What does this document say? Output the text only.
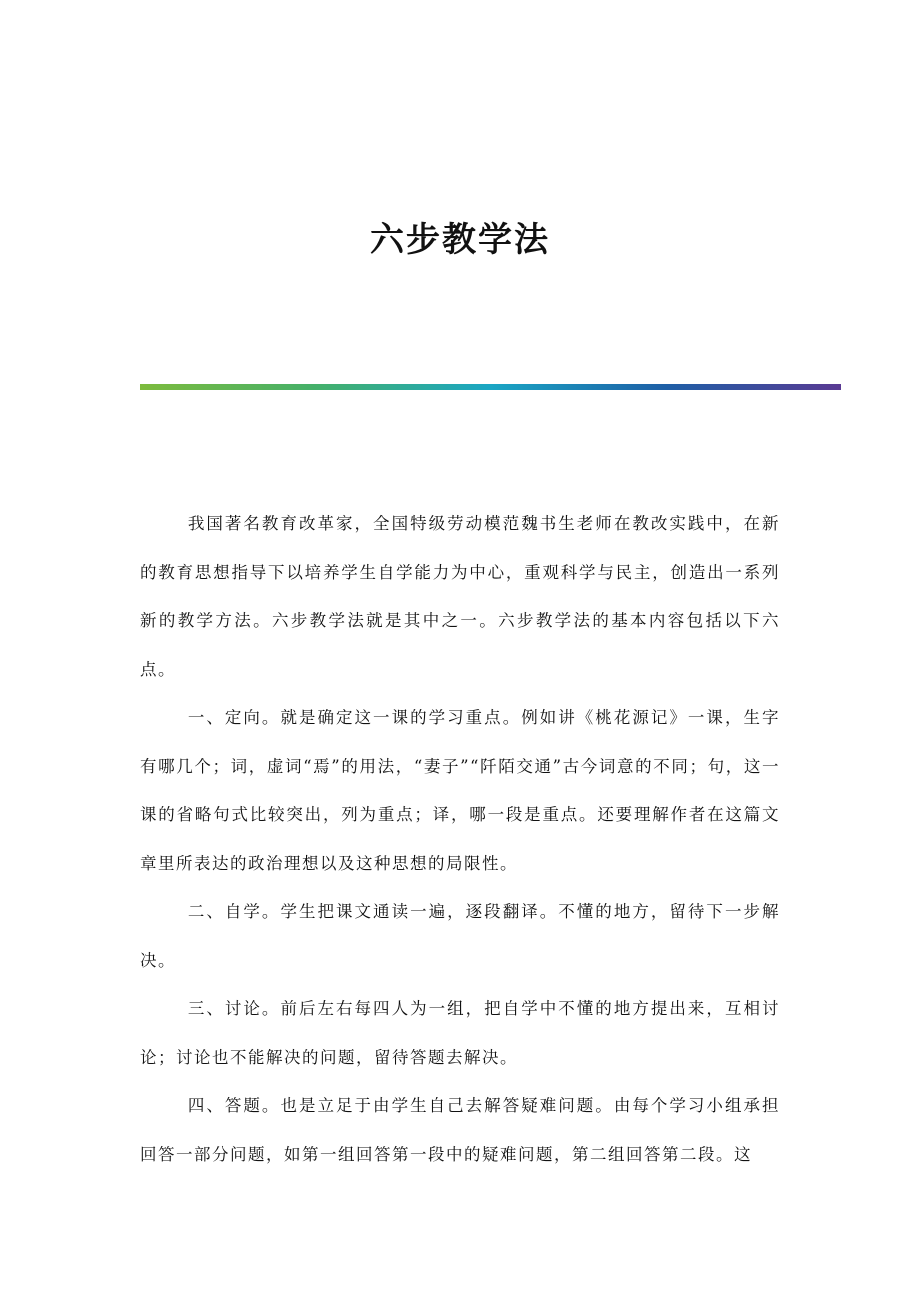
六步教学法

我国著名教育改革家，全国特级劳动模范魏书生老师在教改实践中，在新的教育思想指导下以培养学生自学能力为中心，重观科学与民主，创造出一系列新的教学方法。六步教学法就是其中之一。六步教学法的基本内容包括以下六点。

一、定向。就是确定这一课的学习重点。例如讲《桃花源记》一课，生字有哪几个；词，虚词“焉”的用法，“妻子”“阡陌交通”古今词意的不同；句，这一课的省略句式比较突出，列为重点；译，哪一段是重点。还要理解作者在这篇文章里所表达的政治理想以及这种思想的局限性。

二、自学。学生把课文通读一遍，逐段翻译。不懂的地方，留待下一步解决。

三、讨论。前后左右每四人为一组，把自学中不懂的地方提出来，互相讨论；讨论也不能解决的问题，留待答题去解决。

四、答题。也是立足于由学生自己去解答疑难问题。由每个学习小组承担回答一部分问题，如第一组回答第一段中的疑难问题，第二组回答第二段。这
